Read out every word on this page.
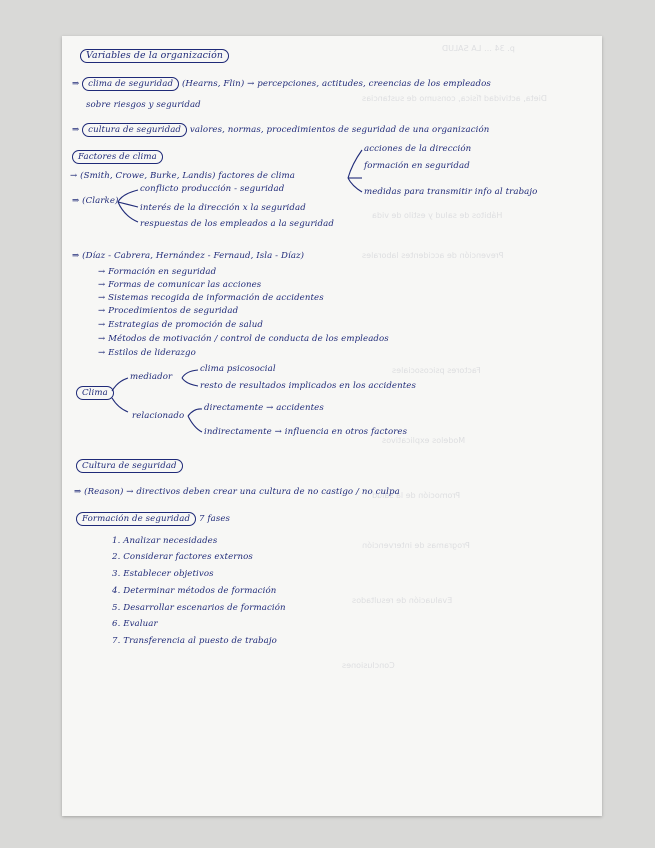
p. 34 … LA SALUD
Dieta, actividad física, consumo de sustancias
Hábitos de salud y estilo de vida
Prevención de accidentes laborales
Factores psicosociales
Modelos explicativos
Promoción de la salud
Programas de intervención
Evaluación de resultados
Conclusiones
Variables de la organización
⇒ clima de seguridad (Hearns, Flin) → percepciones, actitudes, creencias de los empleados
sobre riesgos y seguridad
⇒ cultura de seguridad valores, normas, procedimientos de seguridad de una organización
Factores de clima
→ (Smith, Crowe, Burke, Landis) factores de clima
acciones de la dirección
formación en seguridad
medidas para transmitir info al trabajo
⇒ (Clarke)
conflicto producción - seguridad
interés de la dirección x la seguridad
respuestas de los empleados a la seguridad
⇒ (Díaz - Cabrera, Hernández - Fernaud, Isla - Díaz)
→ Formación en seguridad
→ Formas de comunicar las acciones
→ Sistemas recogida de información de accidentes
→ Procedimientos de seguridad
→ Estrategias de promoción de salud
→ Métodos de motivación / control de conducta de los empleados
→ Estilos de liderazgo
Clima
mediador
clima psicosocial
resto de resultados implicados en los accidentes
relacionado
directamente → accidentes
indirectamente → influencia en otros factores
Cultura de seguridad
⇒ (Reason) → directivos deben crear una cultura de no castigo / no culpa
Formación de seguridad 7 fases
1. Analizar necesidades
2. Considerar factores externos
3. Establecer objetivos
4. Determinar métodos de formación
5. Desarrollar escenarios de formación
6. Evaluar
7. Transferencia al puesto de trabajo
